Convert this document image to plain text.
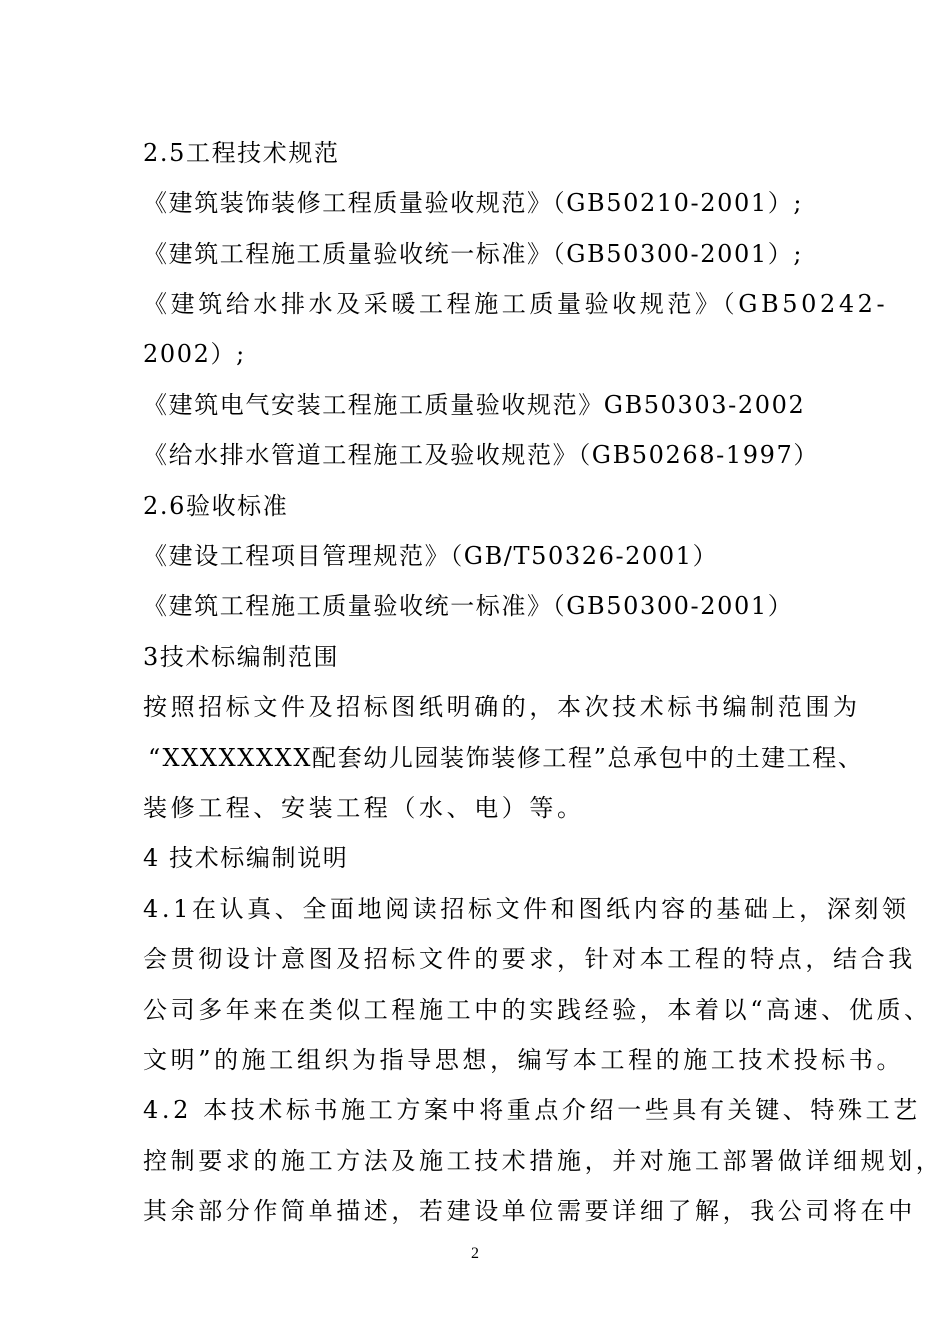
2.5工程技术规范
《建筑装饰装修工程质量验收规范》（GB50210-2001）;
《建筑工程施工质量验收统一标准》（GB50300-2001）;
《建筑给水排水及采暖工程施工质量验收规范》（GB50242-
2002）;
《建筑电气安装工程施工质量验收规范》GB50303-2002
《给水排水管道工程施工及验收规范》（GB50268-1997）
2.6验收标准
《建设工程项目管理规范》（GB/T50326-2001）
《建筑工程施工质量验收统一标准》（GB50300-2001）
3技术标编制范围
按照招标文件及招标图纸明确的，本次技术标书编制范围为
“XXXXXXXX配套幼儿园装饰装修工程”总承包中的土建工程、
装修工程、安装工程（水、电）等。
4 技术标编制说明
4.1在认真、全面地阅读招标文件和图纸内容的基础上，深刻领
会贯彻设计意图及招标文件的要求，针对本工程的特点，结合我
公司多年来在类似工程施工中的实践经验，本着以“高速、优质、
文明”的施工组织为指导思想，编写本工程的施工技术投标书。
4.2 本技术标书施工方案中将重点介绍一些具有关键、特殊工艺
控制要求的施工方法及施工技术措施，并对施工部署做详细规划，
其余部分作简单描述，若建设单位需要详细了解，我公司将在中
2
